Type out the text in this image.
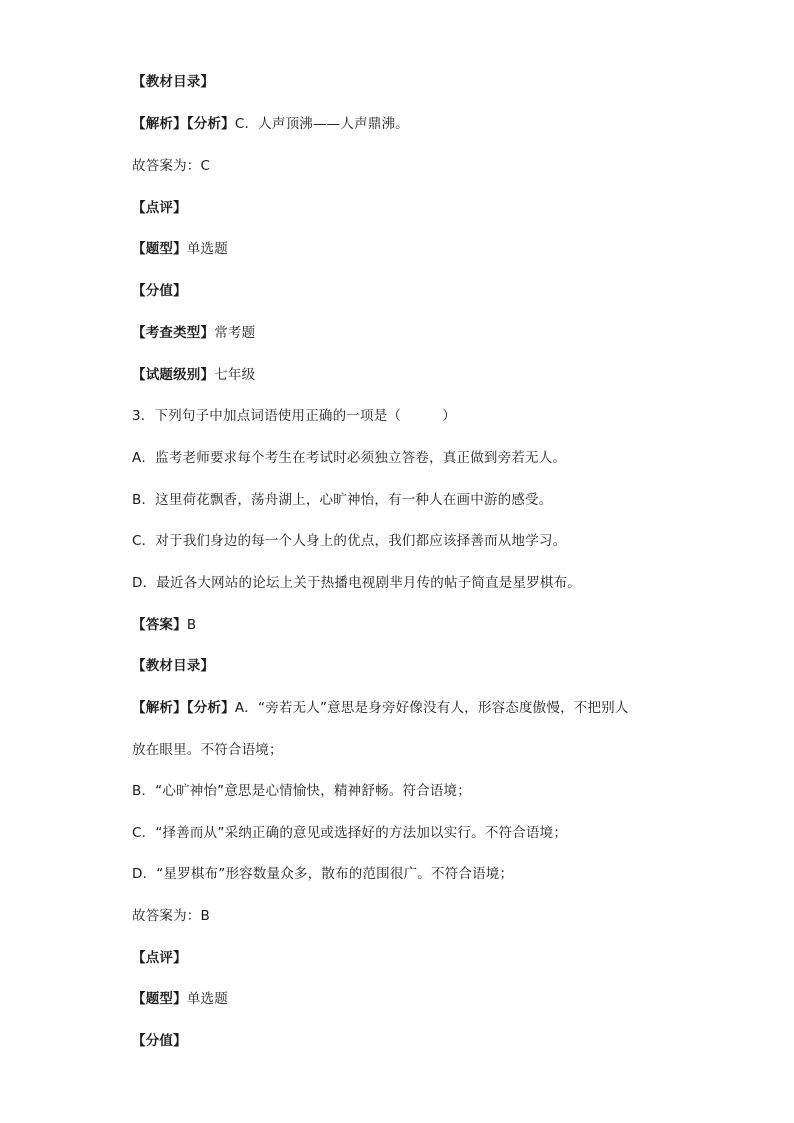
【教材目录】
【解析】【分析】C．人声顶沸——人声鼎沸。
故答案为：C
【点评】
【题型】单选题
【分值】
【考查类型】常考题
【试题级别】七年级
3．下列句子中加点词语使用正确的一项是（　　　）
A．监考老师要求每个考生在考试时必须独立答卷，真正做到旁若无人。
B．这里荷花飘香，荡舟湖上，心旷神怡，有一种人在画中游的感受。
C．对于我们身边的每一个人身上的优点，我们都应该择善而从地学习。
D．最近各大网站的论坛上关于热播电视剧芈月传的帖子简直是星罗棋布。
【答案】B
【教材目录】
【解析】【分析】A．“旁若无人”意思是身旁好像没有人，形容态度傲慢，不把别人
放在眼里。不符合语境；
B．“心旷神怡”意思是心情愉快，精神舒畅。符合语境；
C．“择善而从”采纳正确的意见或选择好的方法加以实行。不符合语境；
D．“星罗棋布”形容数量众多，散布的范围很广。不符合语境；
故答案为：B
【点评】
【题型】单选题
【分值】
